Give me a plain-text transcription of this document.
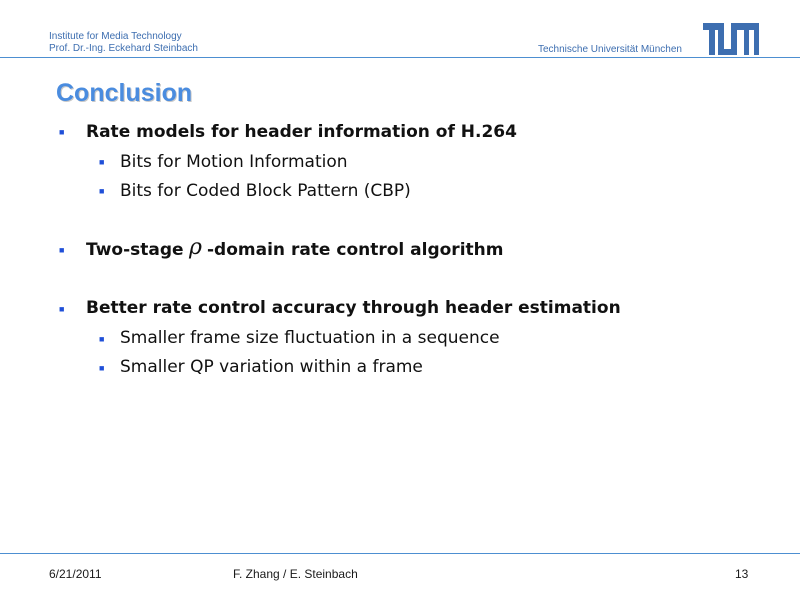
Institute for Media Technology
Prof. Dr.-Ing. Eckehard Steinbach	Technische Universität München
Conclusion
■ Rate models for header information of H.264
■ Bits for Motion Information
■ Bits for Coded Block Pattern (CBP)
■ Two-stage ρ -domain rate control algorithm
■ Better rate control accuracy through header estimation
■ Smaller frame size fluctuation in a sequence
■ Smaller QP variation within a frame
6/21/2011	F. Zhang / E. Steinbach	13
